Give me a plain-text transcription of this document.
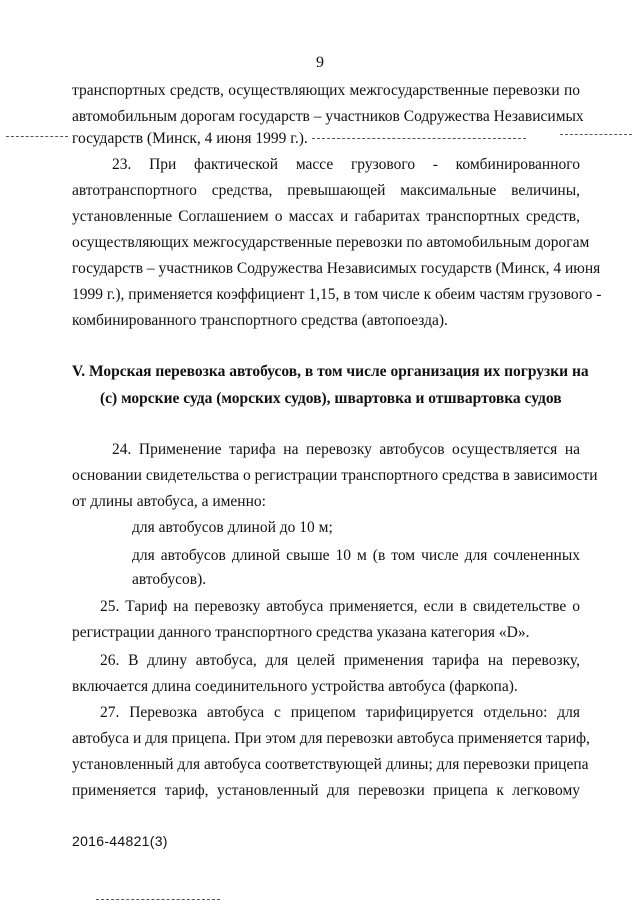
9
транспортных средств, осуществляющих межгосударственные перевозки по
автомобильным дорогам государств – участников Содружества Независимых
государств (Минск, 4 июня 1999 г.).
23. При фактической массе грузового - комбинированного
автотранспортного средства, превышающей максимальные величины,
установленные Соглашением о массах и габаритах транспортных средств,
осуществляющих межгосударственные перевозки по автомобильным дорогам
государств – участников Содружества Независимых государств (Минск, 4 июня
1999 г.), применяется коэффициент 1,15, в том числе к обеим частям грузового -
комбинированного транспортного средства (автопоезда).
V. Морская перевозка автобусов, в том числе организация их погрузки на
(с) морские суда (морских судов), швартовка и отшвартовка судов
24. Применение тарифа на перевозку автобусов осуществляется на
основании свидетельства о регистрации транспортного средства в зависимости
от длины автобуса, а именно:
для автобусов длиной до 10 м;
для автобусов длиной свыше 10 м (в том числе для сочлененных
автобусов).
25. Тариф на перевозку автобуса применяется, если в свидетельстве о
регистрации данного транспортного средства указана категория «D».
26. В длину автобуса, для целей применения тарифа на перевозку,
включается длина соединительного устройства автобуса (фаркопа).
27. Перевозка автобуса с прицепом тарифицируется отдельно: для
автобуса и для прицепа. При этом для перевозки автобуса применяется тариф,
установленный для автобуса соответствующей длины; для перевозки прицепа
применяется тариф, установленный для перевозки прицепа к легковому
2016-44821(3)
